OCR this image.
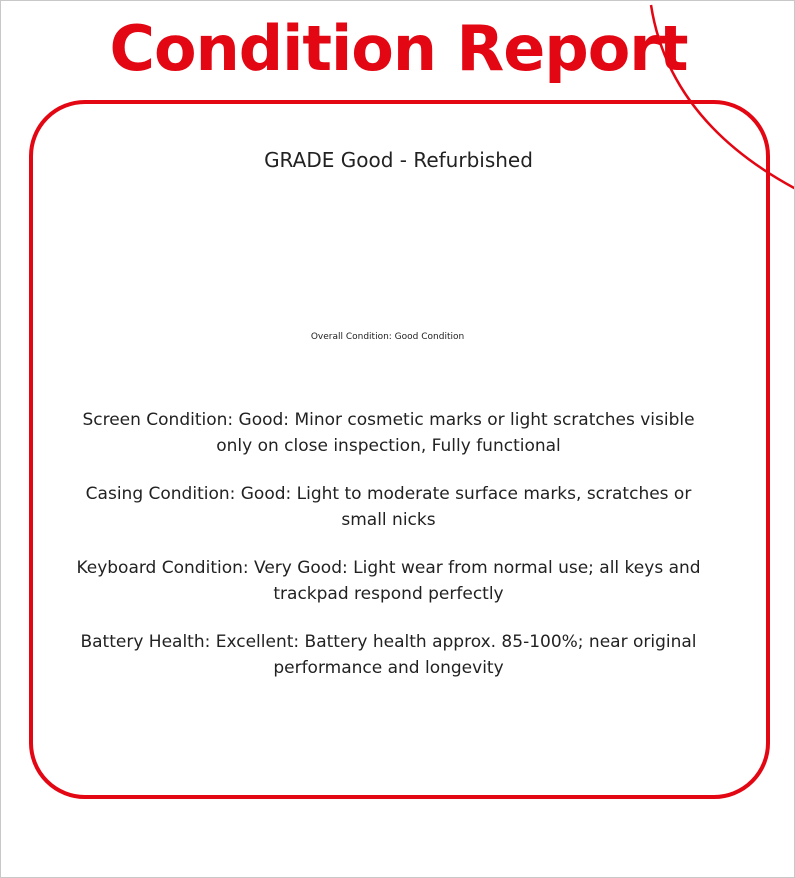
Condition Report
GRADE Good - Refurbished
Overall Condition: Good Condition
Screen Condition: Good: Minor cosmetic marks or light scratches visible only on close inspection, Fully functional
Casing Condition: Good: Light to moderate surface marks, scratches or small nicks
Keyboard Condition: Very Good: Light wear from normal use; all keys and trackpad respond perfectly
Battery Health: Excellent: Battery health approx. 85-100%; near original performance and longevity
